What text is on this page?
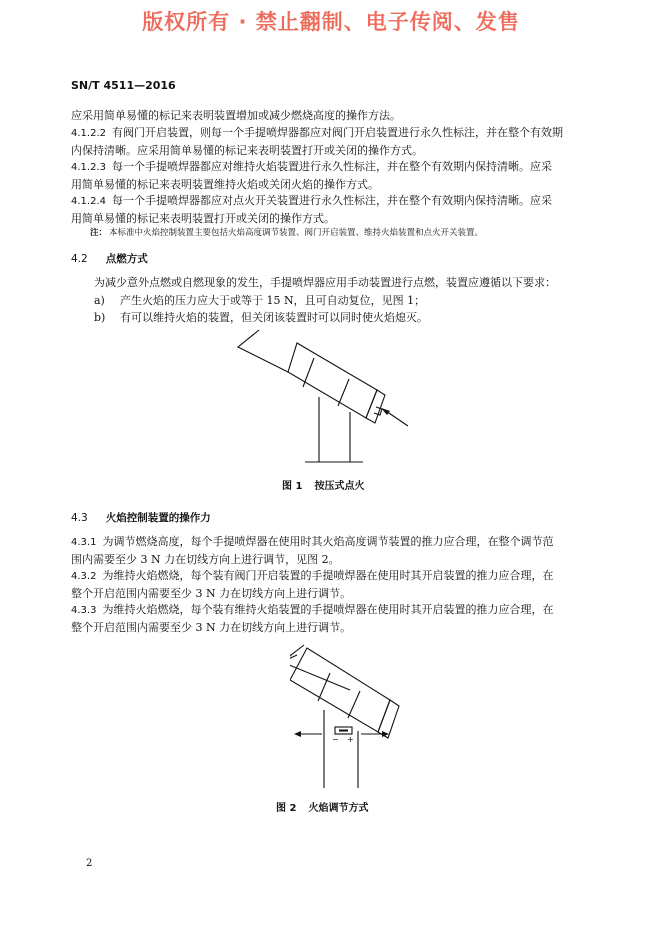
版权所有 · 禁止翻制、电子传阅、发售
SN/T 4511—2016
应采用简单易懂的标记来表明装置增加或减少燃烧高度的操作方法。
4.1.2.2 有阀门开启装置，则每一个手提喷焊器都应对阀门开启装置进行永久性标注，并在整个有效期
内保持清晰。应采用简单易懂的标记来表明装置打开或关闭的操作方式。
4.1.2.3 每一个手提喷焊器都应对维持火焰装置进行永久性标注，并在整个有效期内保持清晰。应采
用简单易懂的标记来表明装置维持火焰或关闭火焰的操作方式。
4.1.2.4 每一个手提喷焊器都应对点火开关装置进行永久性标注，并在整个有效期内保持清晰。应采
用简单易懂的标记来表明装置打开或关闭的操作方式。
注： 本标准中火焰控制装置主要包括火焰高度调节装置、阀门开启装置、维持火焰装置和点火开关装置。
4.2 点燃方式
为减少意外点燃或自燃现象的发生，手提喷焊器应用手动装置进行点燃，装置应遵循以下要求：
a) 产生火焰的压力应大于或等于 15 N，且可自动复位，见图 1；
b) 有可以维持火焰的装置，但关闭该装置时可以同时使火焰熄灭。
图 1 按压式点火
4.3 火焰控制装置的操作力
4.3.1 为调节燃烧高度，每个手提喷焊器在使用时其火焰高度调节装置的推力应合理，在整个调节范
围内需要至少 3 N 力在切线方向上进行调节，见图 2。
4.3.2 为维持火焰燃烧，每个装有阀门开启装置的手提喷焊器在使用时其开启装置的推力应合理，在
整个开启范围内需要至少 3 N 力在切线方向上进行调节。
4.3.3 为维持火焰燃烧，每个装有维持火焰装置的手提喷焊器在使用时其开启装置的推力应合理，在
整个开启范围内需要至少 3 N 力在切线方向上进行调节。
− +
图 2 火焰调节方式
2
